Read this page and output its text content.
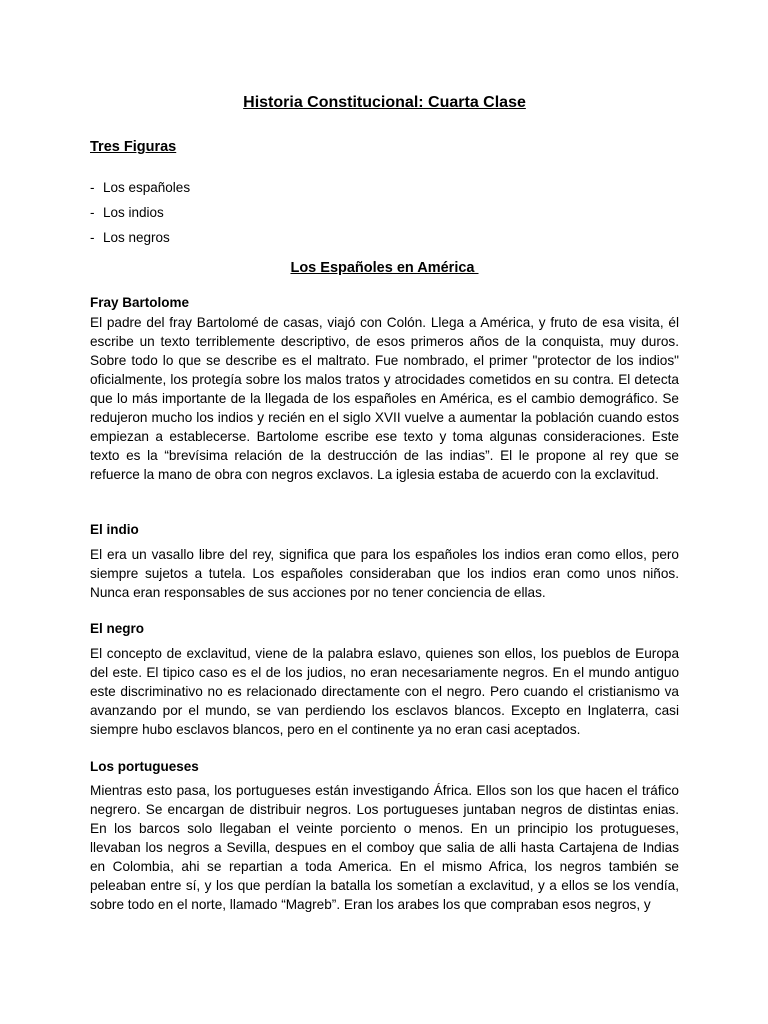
Historia Constitucional: Cuarta Clase
Tres Figuras
- Los españoles
- Los indios
- Los negros
Los Españoles en América
Fray Bartolome

El padre del fray Bartolomé de casas, viajó con Colón. Llega a América, y fruto de esa visita, él escribe un texto terriblemente descriptivo, de esos primeros años de la conquista, muy duros. Sobre todo lo que se describe es el maltrato. Fue nombrado, el primer "protector de los indios" oficialmente, los protegía sobre los malos tratos y atrocidades cometidos en su contra. El detecta que lo más importante de la llegada de los españoles en América, es el cambio demográfico. Se redujeron mucho los indios y recién en el siglo XVII vuelve a aumentar la población cuando estos empiezan a establecerse. Bartolome escribe ese texto y toma algunas consideraciones. Este texto es la “brevísima relación de la destrucción de las indias”. El le propone al rey que se refuerce la mano de obra con negros exclavos. La iglesia estaba de acuerdo con la exclavitud.

El indio

El era un vasallo libre del rey, significa que para los españoles los indios eran como ellos, pero siempre sujetos a tutela. Los españoles consideraban que los indios eran como unos niños. Nunca eran responsables de sus acciones por no tener conciencia de ellas.

El negro

El concepto de exclavitud, viene de la palabra eslavo, quienes son ellos, los pueblos de Europa del este. El tipico caso es el de los judios, no eran necesariamente negros. En el mundo antiguo este discriminativo no es relacionado directamente con el negro. Pero cuando el cristianismo va avanzando por el mundo, se van perdiendo los esclavos blancos. Excepto en Inglaterra, casi siempre hubo esclavos blancos, pero en el continente ya no eran casi aceptados.

Los portugueses

Mientras esto pasa, los portugueses están investigando África. Ellos son los que hacen el tráfico negrero. Se encargan de distribuir negros. Los portugueses juntaban negros de distintas enias. En los barcos solo llegaban el veinte porciento o menos. En un principio los protugueses, llevaban los negros a Sevilla, despues en el comboy que salia de alli hasta Cartajena de Indias en Colombia, ahi se repartian a toda America. En el mismo Africa, los negros también se peleaban entre sí, y los que perdían la batalla los sometían a exclavitud, y a ellos se los vendía, sobre todo en el norte, llamado “Magreb”. Eran los arabes los que compraban esos negros, y
